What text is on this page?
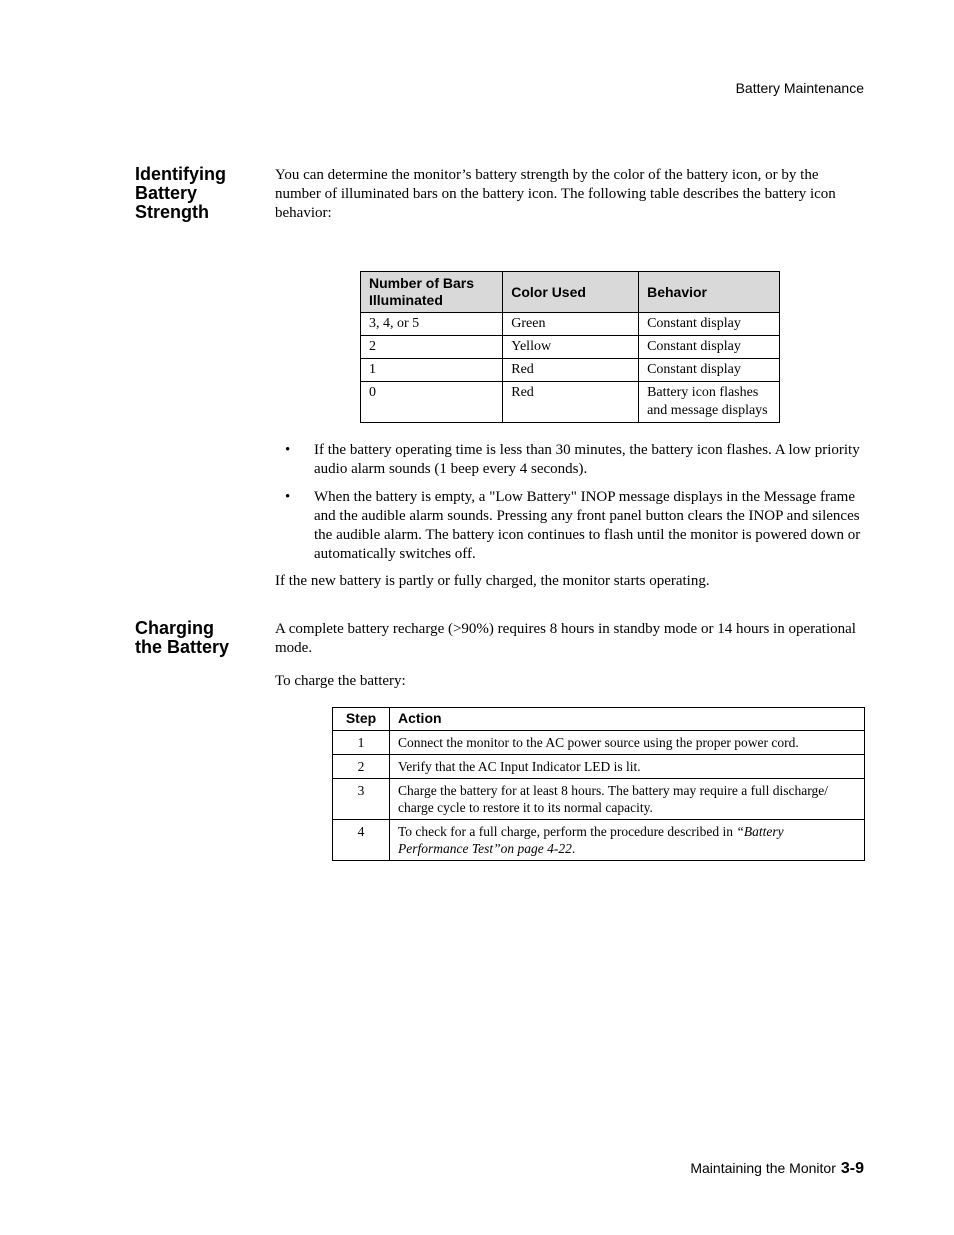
Battery Maintenance
Identifying
Battery
Strength

You can determine the monitor’s battery strength by the color of the battery icon, or by the number of illuminated bars on the battery icon. The following table describes the battery icon behavior:

Number of Bars Illuminated	Color Used	Behavior
3, 4, or 5	Green	Constant display
2	Yellow	Constant display
1	Red	Constant display
0	Red	Battery icon flashes and message displays
• If the battery operating time is less than 30 minutes, the battery icon flashes. A low priority audio alarm sounds (1 beep every 4 seconds).
• When the battery is empty, a "Low Battery" INOP message displays in the Message frame and the audible alarm sounds. Pressing any front panel button clears the INOP and silences the audible alarm. The battery icon continues to flash until the monitor is powered down or automatically switches off.

If the new battery is partly or fully charged, the monitor starts operating.

Charging
the Battery

A complete battery recharge (>90%) requires 8 hours in standby mode or 14 hours in operational mode.

To charge the battery:

Step	Action
1	Connect the monitor to the AC power source using the proper power cord.
2	Verify that the AC Input Indicator LED is lit.
3	Charge the battery for at least 8 hours. The battery may require a full discharge/ charge cycle to restore it to its normal capacity.
4	To check for a full charge, perform the procedure described in “Battery Performance Test”on page 4-22.
Maintaining the Monitor 3-9
